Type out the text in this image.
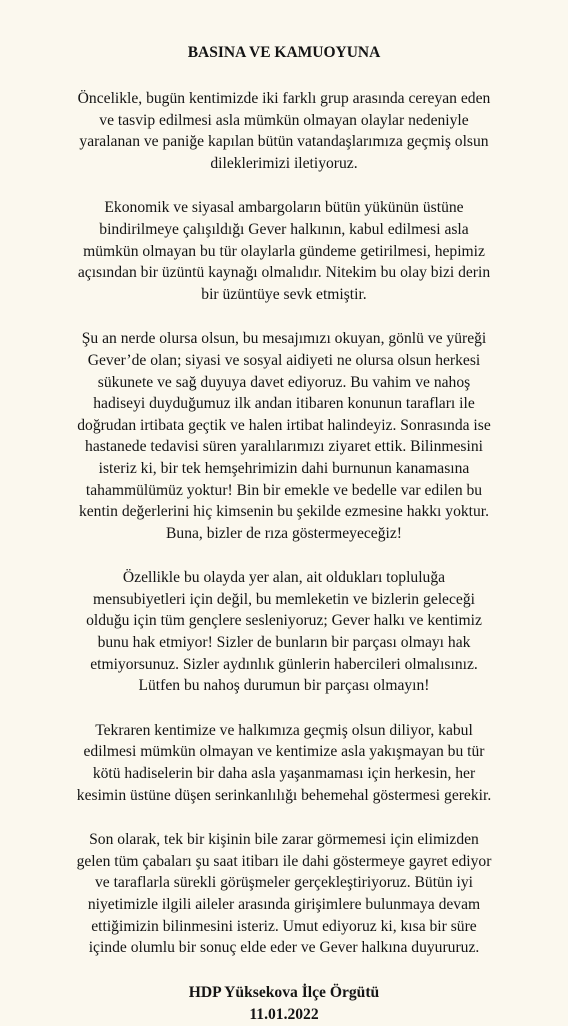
BASINA VE KAMUOYUNA
Öncelikle, bugün kentimizde iki farklı grup arasında cereyan eden
ve tasvip edilmesi asla mümkün olmayan olaylar nedeniyle
yaralanan ve paniğe kapılan bütün vatandaşlarımıza geçmiş olsun
dileklerimizi iletiyoruz.
Ekonomik ve siyasal ambargoların bütün yükünün üstüne
bindirilmeye çalışıldığı Gever halkının, kabul edilmesi asla
mümkün olmayan bu tür olaylarla gündeme getirilmesi, hepimiz
açısından bir üzüntü kaynağı olmalıdır. Nitekim bu olay bizi derin
bir üzüntüye sevk etmiştir.
Şu an nerde olursa olsun, bu mesajımızı okuyan, gönlü ve yüreği
Gever’de olan; siyasi ve sosyal aidiyeti ne olursa olsun herkesi
sükunete ve sağ duyuya davet ediyoruz. Bu vahim ve nahoş
hadiseyi duyduğumuz ilk andan itibaren konunun tarafları ile
doğrudan irtibata geçtik ve halen irtibat halindeyiz. Sonrasında ise
hastanede tedavisi süren yaralılarımızı ziyaret ettik. Bilinmesini
isteriz ki, bir tek hemşehrimizin dahi burnunun kanamasına
tahammülümüz yoktur! Bin bir emekle ve bedelle var edilen bu
kentin değerlerini hiç kimsenin bu şekilde ezmesine hakkı yoktur.
Buna, bizler de rıza göstermeyeceğiz!
Özellikle bu olayda yer alan, ait oldukları topluluğa
mensubiyetleri için değil, bu memleketin ve bizlerin geleceği
olduğu için tüm gençlere sesleniyoruz; Gever halkı ve kentimiz
bunu hak etmiyor! Sizler de bunların bir parçası olmayı hak
etmiyorsunuz. Sizler aydınlık günlerin habercileri olmalısınız.
Lütfen bu nahoş durumun bir parçası olmayın!
Tekraren kentimize ve halkımıza geçmiş olsun diliyor, kabul
edilmesi mümkün olmayan ve kentimize asla yakışmayan bu tür
kötü hadiselerin bir daha asla yaşanmaması için herkesin, her
kesimin üstüne düşen serinkanlılığı behemehal göstermesi gerekir.
Son olarak, tek bir kişinin bile zarar görmemesi için elimizden
gelen tüm çabaları şu saat itibarı ile dahi göstermeye gayret ediyor
ve taraflarla sürekli görüşmeler gerçekleştiriyoruz. Bütün iyi
niyetimizle ilgili aileler arasında girişimlere bulunmaya devam
ettiğimizin bilinmesini isteriz. Umut ediyoruz ki, kısa bir süre
içinde olumlu bir sonuç elde eder ve Gever halkına duyururuz.
HDP Yüksekova İlçe Örgütü
11.01.2022
